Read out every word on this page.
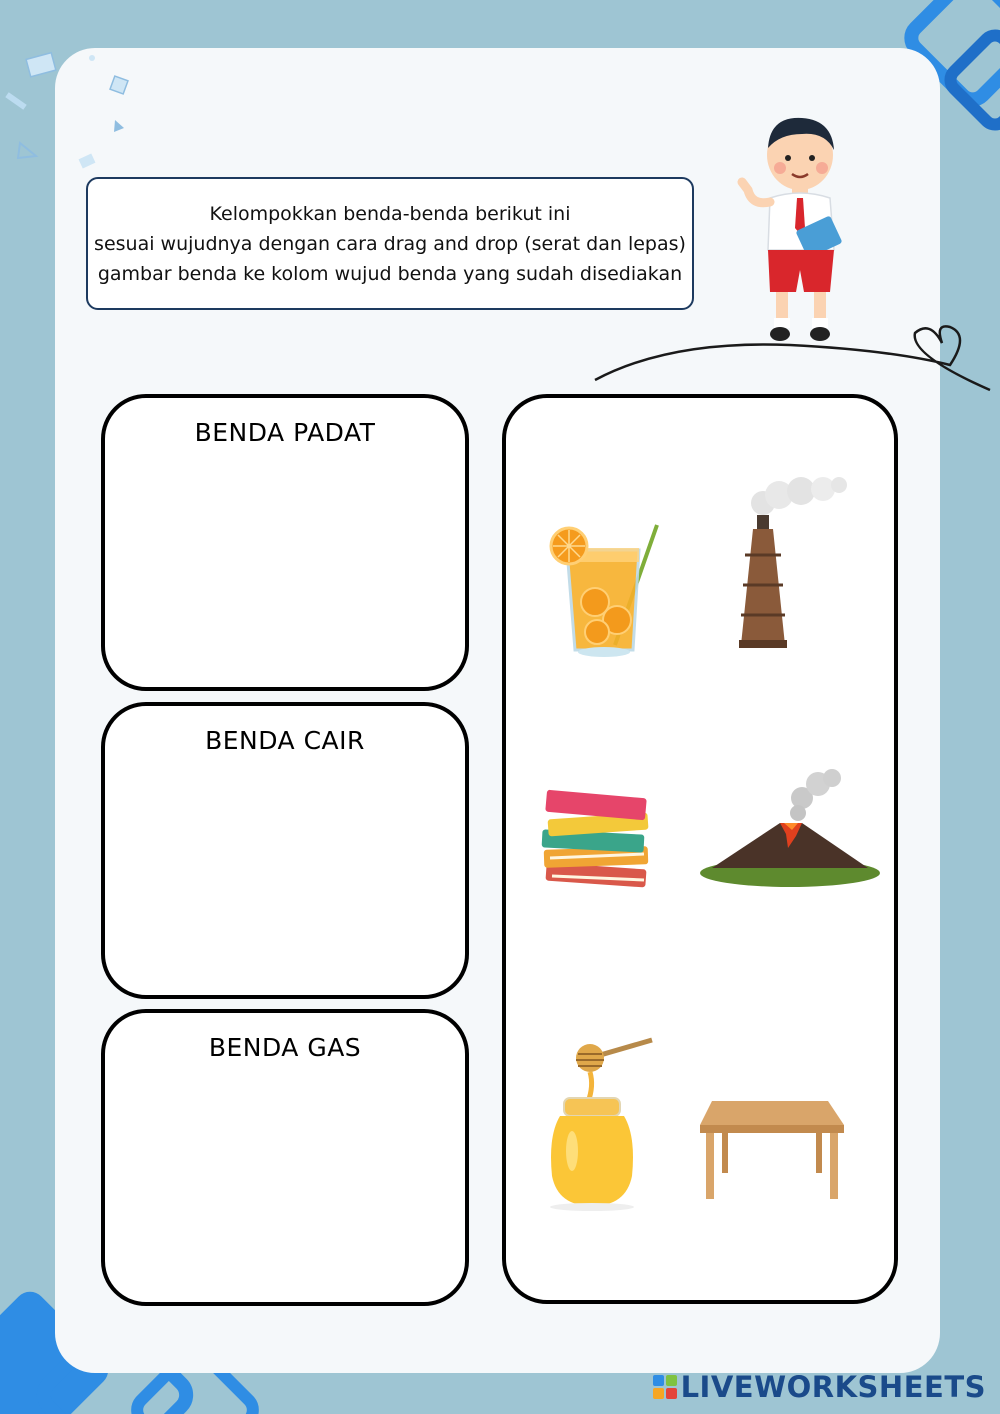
Kelompokkan benda-benda berikut ini
sesuai wujudnya dengan cara drag and drop (serat dan lepas)
gambar benda ke kolom wujud benda yang sudah disediakan
BENDA PADAT
BENDA CAIR
BENDA GAS
LIVEWORKSHEETS
